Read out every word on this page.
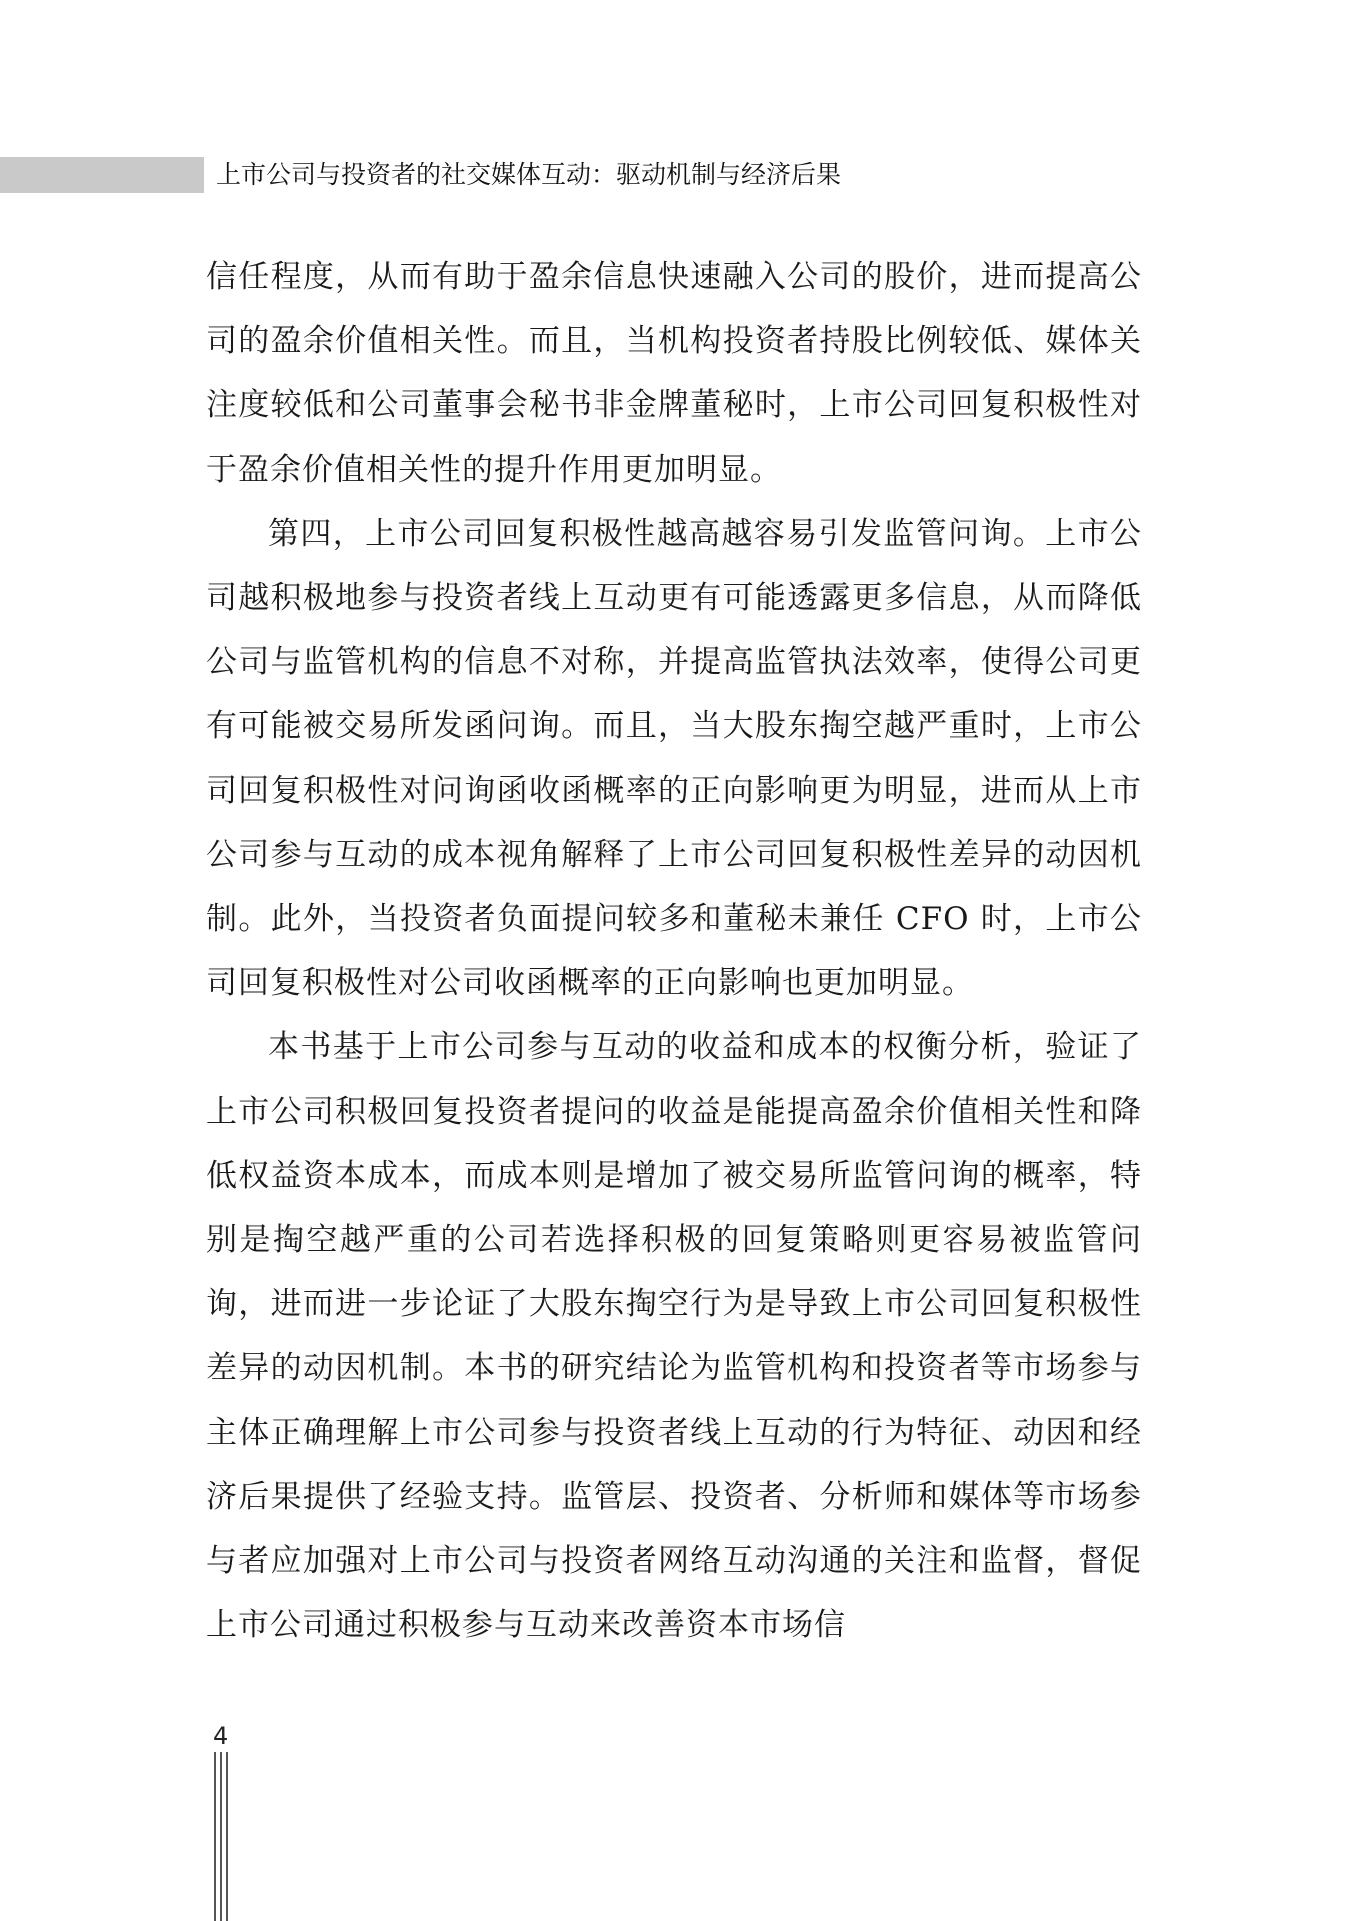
上市公司与投资者的社交媒体互动：驱动机制与经济后果

信任程度，从而有助于盈余信息快速融入公司的股价，进而提高公司的盈余价值相关性。而且，当机构投资者持股比例较低、媒体关注度较低和公司董事会秘书非金牌董秘时，上市公司回复积极性对于盈余价值相关性的提升作用更加明显。

第四，上市公司回复积极性越高越容易引发监管问询。上市公司越积极地参与投资者线上互动更有可能透露更多信息，从而降低公司与监管机构的信息不对称，并提高监管执法效率，使得公司更有可能被交易所发函问询。而且，当大股东掏空越严重时，上市公司回复积极性对问询函收函概率的正向影响更为明显，进而从上市公司参与互动的成本视角解释了上市公司回复积极性差异的动因机制。此外，当投资者负面提问较多和董秘未兼任 CFO 时，上市公司回复积极性对公司收函概率的正向影响也更加明显。

本书基于上市公司参与互动的收益和成本的权衡分析，验证了上市公司积极回复投资者提问的收益是能提高盈余价值相关性和降低权益资本成本，而成本则是增加了被交易所监管问询的概率，特别是掏空越严重的公司若选择积极的回复策略则更容易被监管问询，进而进一步论证了大股东掏空行为是导致上市公司回复积极性差异的动因机制。本书的研究结论为监管机构和投资者等市场参与主体正确理解上市公司参与投资者线上互动的行为特征、动因和经济后果提供了经验支持。监管层、投资者、分析师和媒体等市场参与者应加强对上市公司与投资者网络互动沟通的关注和监督，督促上市公司通过积极参与互动来改善资本市场信

4
